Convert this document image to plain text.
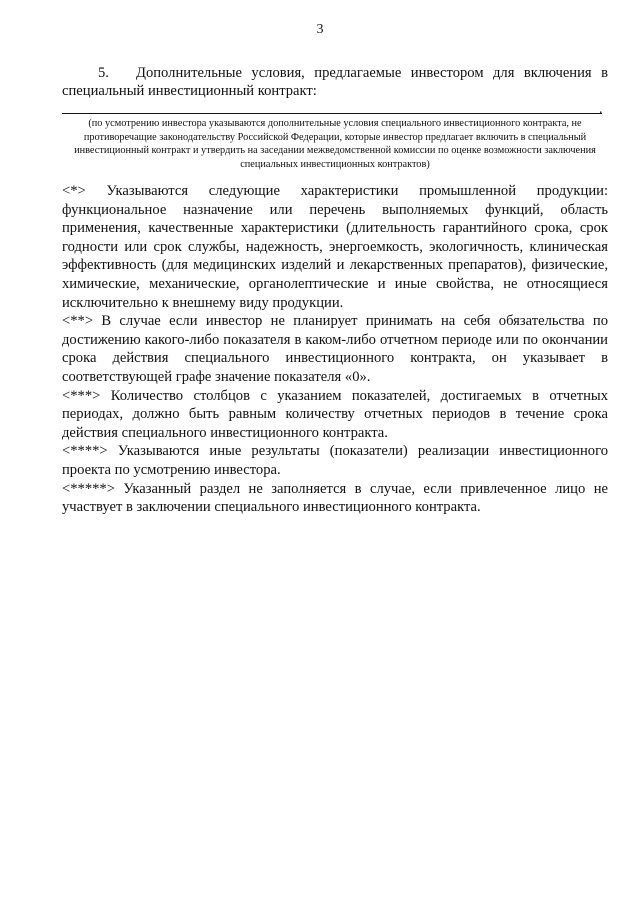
3
5. Дополнительные условия, предлагаемые инвестором для включения в специальный инвестиционный контракт:
.
(по усмотрению инвестора указываются дополнительные условия специального инвестиционного контракта, не противоречащие законодательству Российской Федерации, которые инвестор предлагает включить в специальный инвестиционный контракт и утвердить на заседании межведомственной комиссии по оценке возможности заключения специальных инвестиционных контрактов)

<*> Указываются следующие характеристики промышленной продукции: функциональное назначение или перечень выполняемых функций, область применения, качественные характеристики (длительность гарантийного срока, срок годности или срок службы, надежность, энергоемкость, экологичность, клиническая эффективность (для медицинских изделий и лекарственных препаратов), физические, химические, механические, органолептические и иные свойства, не относящиеся исключительно к внешнему виду продукции.

<**> В случае если инвестор не планирует принимать на себя обязательства по достижению какого-либо показателя в каком-либо отчетном периоде или по окончании срока действия специального инвестиционного контракта, он указывает в соответствующей графе значение показателя «0».

<***> Количество столбцов с указанием показателей, достигаемых в отчетных периодах, должно быть равным количеству отчетных периодов в течение срока действия специального инвестиционного контракта.

<****> Указываются иные результаты (показатели) реализации инвестиционного проекта по усмотрению инвестора.

<*****> Указанный раздел не заполняется в случае, если привлеченное лицо не участвует в заключении специального инвестиционного контракта.
